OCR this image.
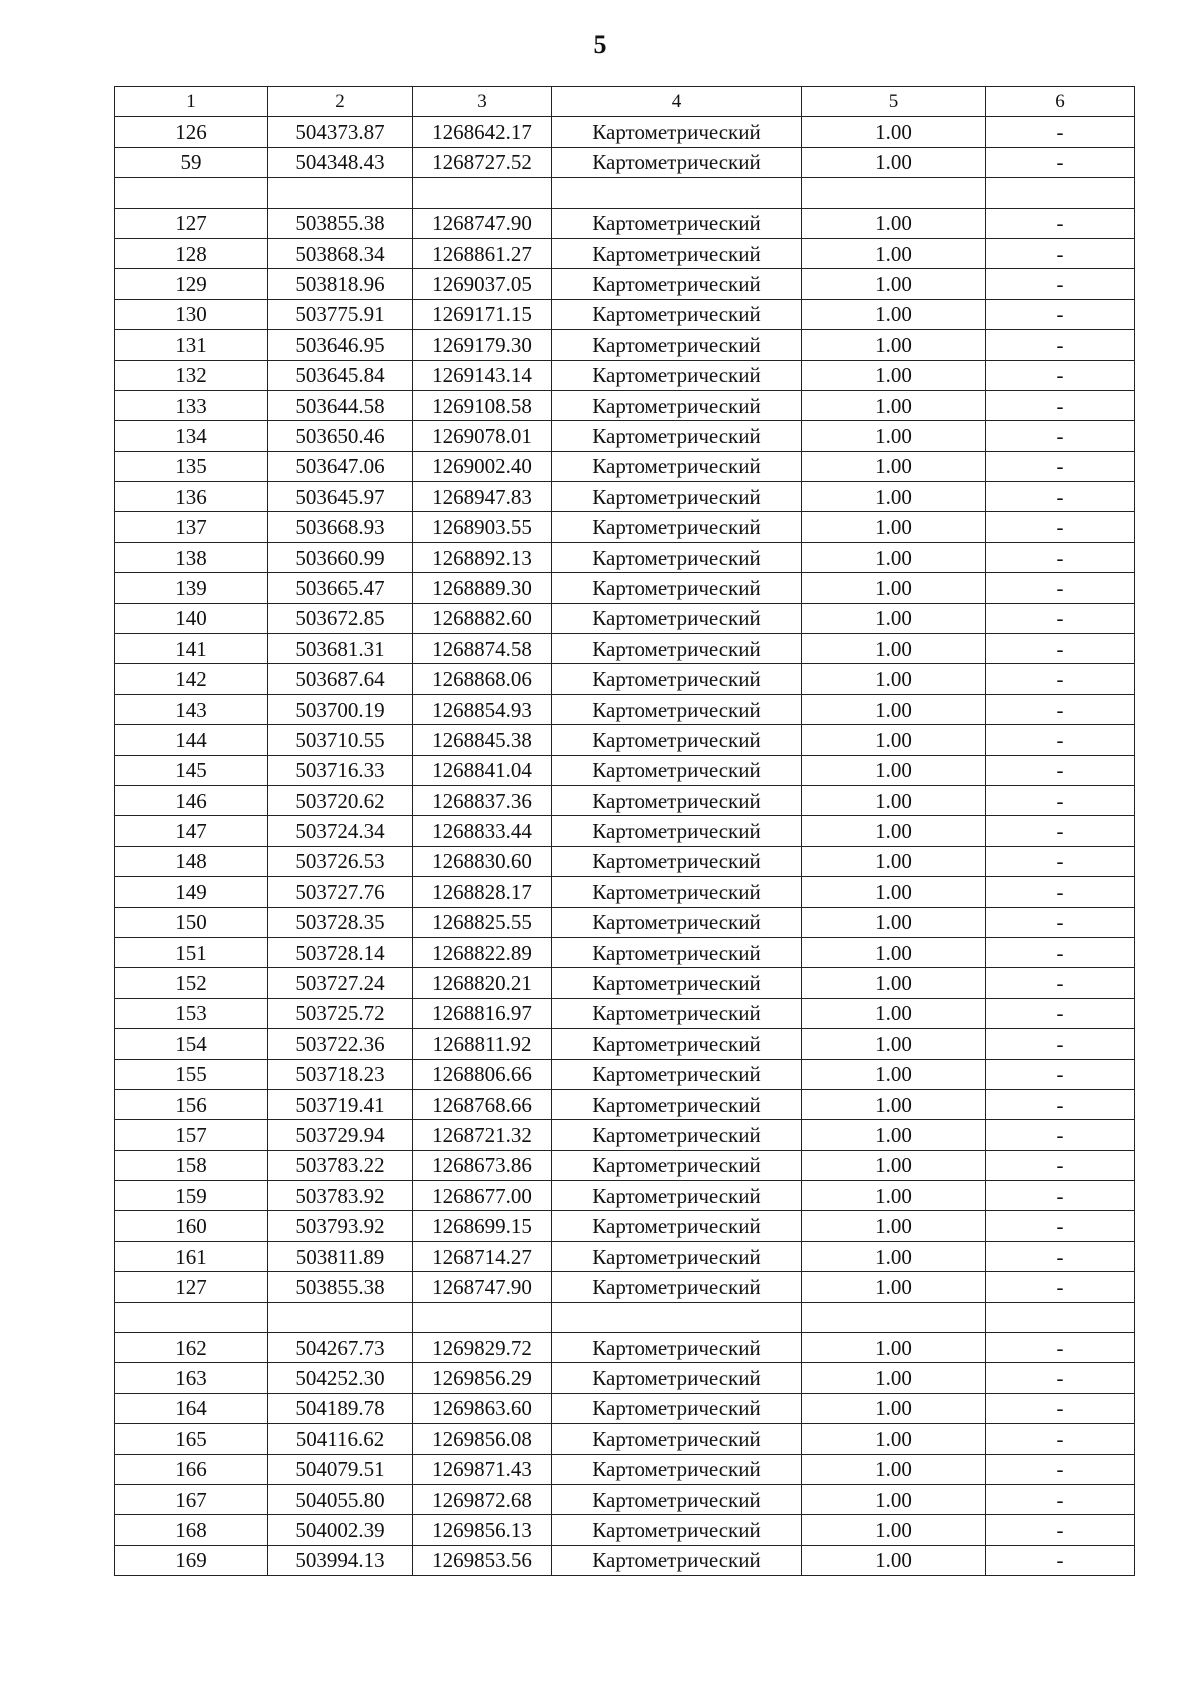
5
1	2	3	4	5	6
126	504373.87	1268642.17	Картометрический	1.00	-
59	504348.43	1268727.52	Картометрический	1.00	-

127	503855.38	1268747.90	Картометрический	1.00	-
128	503868.34	1268861.27	Картометрический	1.00	-
129	503818.96	1269037.05	Картометрический	1.00	-
130	503775.91	1269171.15	Картометрический	1.00	-
131	503646.95	1269179.30	Картометрический	1.00	-
132	503645.84	1269143.14	Картометрический	1.00	-
133	503644.58	1269108.58	Картометрический	1.00	-
134	503650.46	1269078.01	Картометрический	1.00	-
135	503647.06	1269002.40	Картометрический	1.00	-
136	503645.97	1268947.83	Картометрический	1.00	-
137	503668.93	1268903.55	Картометрический	1.00	-
138	503660.99	1268892.13	Картометрический	1.00	-
139	503665.47	1268889.30	Картометрический	1.00	-
140	503672.85	1268882.60	Картометрический	1.00	-
141	503681.31	1268874.58	Картометрический	1.00	-
142	503687.64	1268868.06	Картометрический	1.00	-
143	503700.19	1268854.93	Картометрический	1.00	-
144	503710.55	1268845.38	Картометрический	1.00	-
145	503716.33	1268841.04	Картометрический	1.00	-
146	503720.62	1268837.36	Картометрический	1.00	-
147	503724.34	1268833.44	Картометрический	1.00	-
148	503726.53	1268830.60	Картометрический	1.00	-
149	503727.76	1268828.17	Картометрический	1.00	-
150	503728.35	1268825.55	Картометрический	1.00	-
151	503728.14	1268822.89	Картометрический	1.00	-
152	503727.24	1268820.21	Картометрический	1.00	-
153	503725.72	1268816.97	Картометрический	1.00	-
154	503722.36	1268811.92	Картометрический	1.00	-
155	503718.23	1268806.66	Картометрический	1.00	-
156	503719.41	1268768.66	Картометрический	1.00	-
157	503729.94	1268721.32	Картометрический	1.00	-
158	503783.22	1268673.86	Картометрический	1.00	-
159	503783.92	1268677.00	Картометрический	1.00	-
160	503793.92	1268699.15	Картометрический	1.00	-
161	503811.89	1268714.27	Картометрический	1.00	-
127	503855.38	1268747.90	Картометрический	1.00	-

162	504267.73	1269829.72	Картометрический	1.00	-
163	504252.30	1269856.29	Картометрический	1.00	-
164	504189.78	1269863.60	Картометрический	1.00	-
165	504116.62	1269856.08	Картометрический	1.00	-
166	504079.51	1269871.43	Картометрический	1.00	-
167	504055.80	1269872.68	Картометрический	1.00	-
168	504002.39	1269856.13	Картометрический	1.00	-
169	503994.13	1269853.56	Картометрический	1.00	-
